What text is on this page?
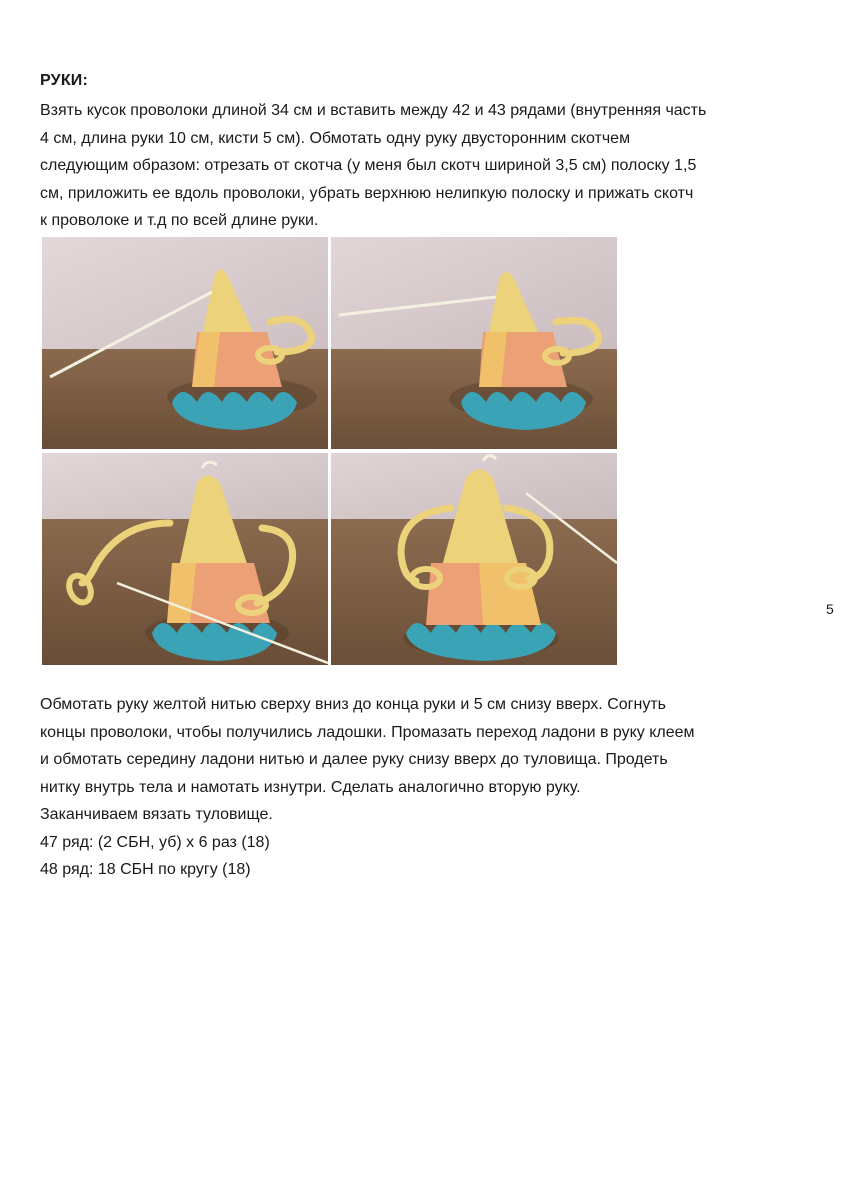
РУКИ:
Взять кусок проволоки длиной 34 см и вставить между 42 и 43 рядами (внутренняя часть
4 см, длина руки 10 см, кисти 5 см). Обмотать одну руку двусторонним скотчем
следующим образом: отрезать от скотча (у меня был скотч шириной 3,5 см) полоску 1,5
см, приложить ее вдоль проволоки, убрать верхнюю нелипкую полоску и прижать скотч
к проволоке и т.д по всей длине руки.
5
Обмотать руку желтой нитью сверху вниз до конца руки и 5 см снизу вверх. Согнуть
концы проволоки, чтобы получились ладошки. Промазать переход ладони в руку клеем
и обмотать середину ладони нитью и далее руку снизу вверх до туловища. Продеть
нитку внутрь тела и намотать изнутри. Сделать аналогично вторую руку.
Заканчиваем вязать туловище.
47 ряд: (2 СБН, уб) х 6 раз (18)
48 ряд: 18 СБН по кругу (18)
